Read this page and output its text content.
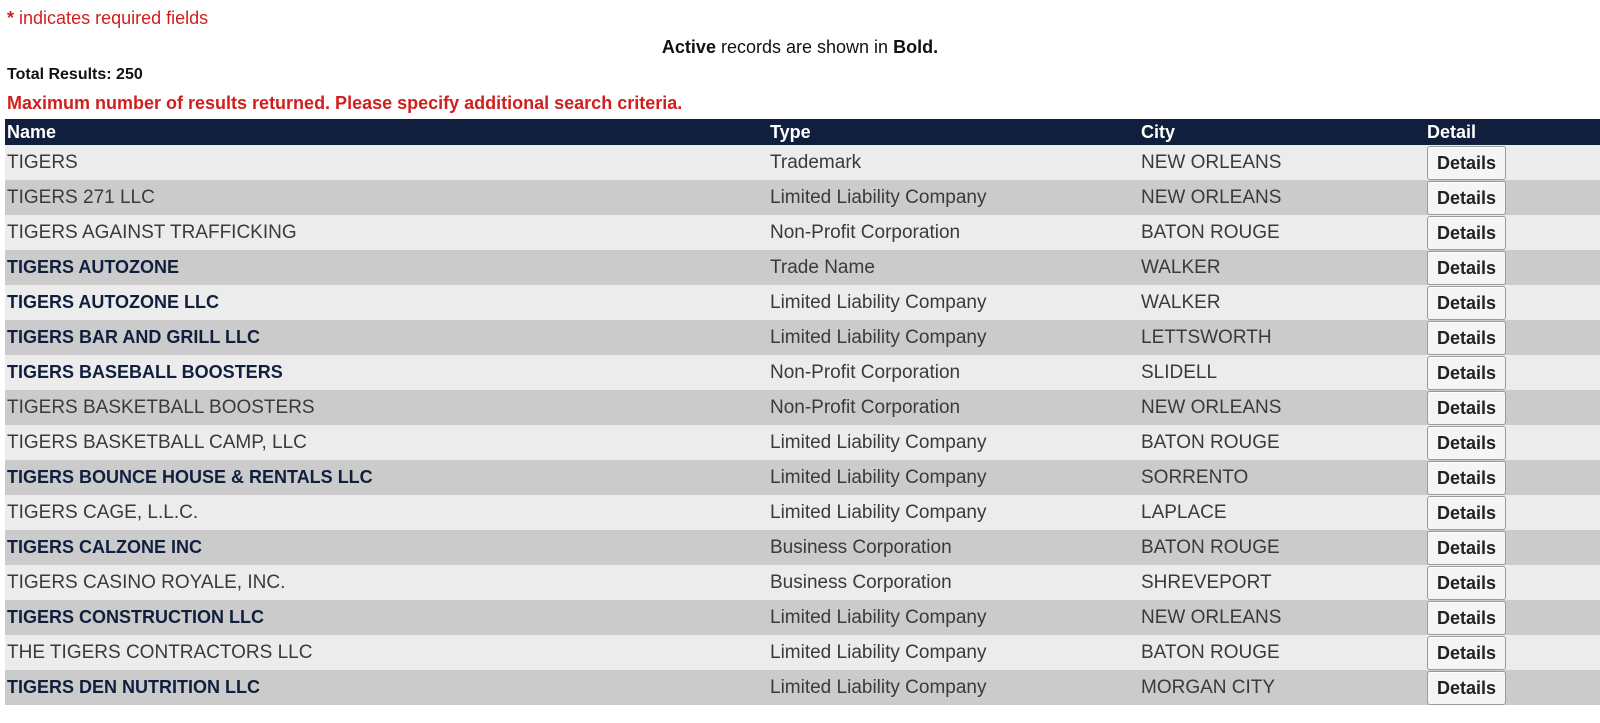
* indicates required fields
Active records are shown in Bold.
Total Results: 250
Maximum number of results returned. Please specify additional search criteria.
Name	Type	City	Detail
TIGERS	Trademark	NEW ORLEANS	Details
TIGERS 271 LLC	Limited Liability Company	NEW ORLEANS	Details
TIGERS AGAINST TRAFFICKING	Non-Profit Corporation	BATON ROUGE	Details
TIGERS AUTOZONE	Trade Name	WALKER	Details
TIGERS AUTOZONE LLC	Limited Liability Company	WALKER	Details
TIGERS BAR AND GRILL LLC	Limited Liability Company	LETTSWORTH	Details
TIGERS BASEBALL BOOSTERS	Non-Profit Corporation	SLIDELL	Details
TIGERS BASKETBALL BOOSTERS	Non-Profit Corporation	NEW ORLEANS	Details
TIGERS BASKETBALL CAMP, LLC	Limited Liability Company	BATON ROUGE	Details
TIGERS BOUNCE HOUSE & RENTALS LLC	Limited Liability Company	SORRENTO	Details
TIGERS CAGE, L.L.C.	Limited Liability Company	LAPLACE	Details
TIGERS CALZONE INC	Business Corporation	BATON ROUGE	Details
TIGERS CASINO ROYALE, INC.	Business Corporation	SHREVEPORT	Details
TIGERS CONSTRUCTION LLC	Limited Liability Company	NEW ORLEANS	Details
THE TIGERS CONTRACTORS LLC	Limited Liability Company	BATON ROUGE	Details
TIGERS DEN NUTRITION LLC	Limited Liability Company	MORGAN CITY	Details
